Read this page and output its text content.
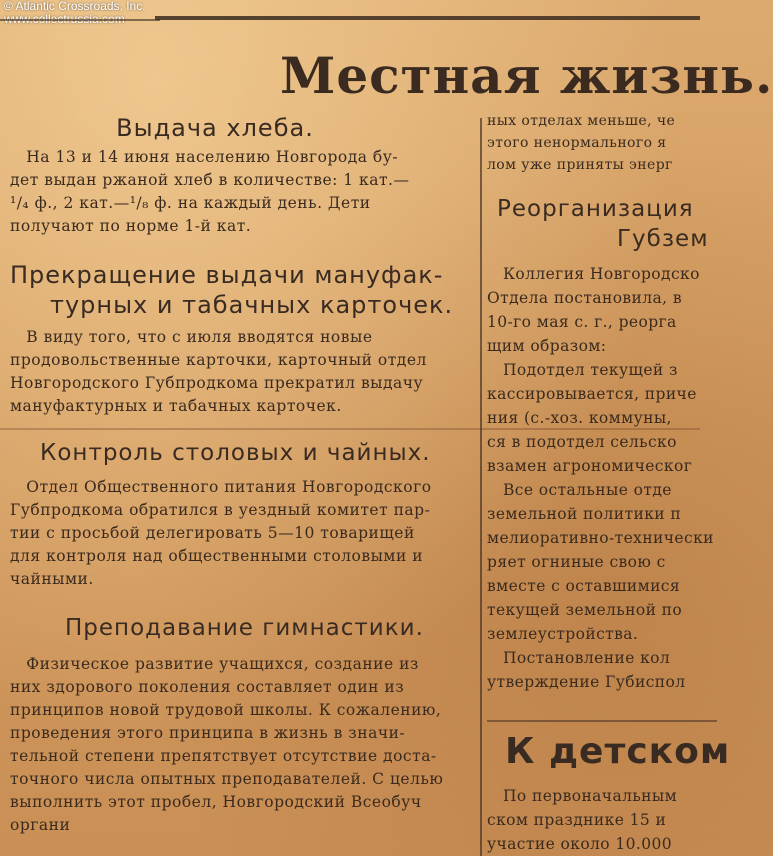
© Atlantic Crossroads, Inc.
Местная жизнь.
Выдача хлеба.

На 13 и 14 июня населению Новгорода бу-
дет выдан ржаной хлеб в количестве: 1 кат.—
¹/₄ ф., 2 кат.—¹/₈ ф. на каждый день. Дети
получают по норме 1-й кат.

Прекращение выдачи мануфак-
турных и табачных карточек.

В виду того, что с июля вводятся новые
продовольственные карточки, карточный отдел
Новгородского Губпродкома прекратил выдачу
мануфактурных и табачных карточек.

Контроль столовых и чайных.

Отдел Общественного питания Новгородского
Губпродкома обратился в уездный комитет пар-
тии с просьбой делегировать 5—10 товарищей
для контроля над общественными столовыми и
чайными.

Преподавание гимнастики.

Физическое развитие учащихся, создание из
них здорового поколения составляет один из
принципов новой трудовой школы. К сожалению,
проведения этого принципа в жизнь в значи-
тельной степени препятствует отсутствие доста-
точного числа опытных преподавателей. С целью
выполнить этот пробел, Новгородский Всеобуч
органи

ных отделах меньше, че
этого ненормального я
лом уже приняты энерг

Реорганизация
Губзем

Коллегия Новгородско
Отдела постановила, в
10-го мая с. г., реорга
щим образом:
Подотдел текущей з
кассировывается, приче
ния (с.-хоз. коммуны,
ся в подотдел сельско
взамен агрономическог
Все остальные отде
земельной политики п
мелиоративно-технически
ряет огниные свою с
вместе с оставшимися
текущей земельной по
землеустройства.
Постановление кол
утверждение Губиспол

К детском

По первоначальным
ском празднике 15 и
участие около 10.000
